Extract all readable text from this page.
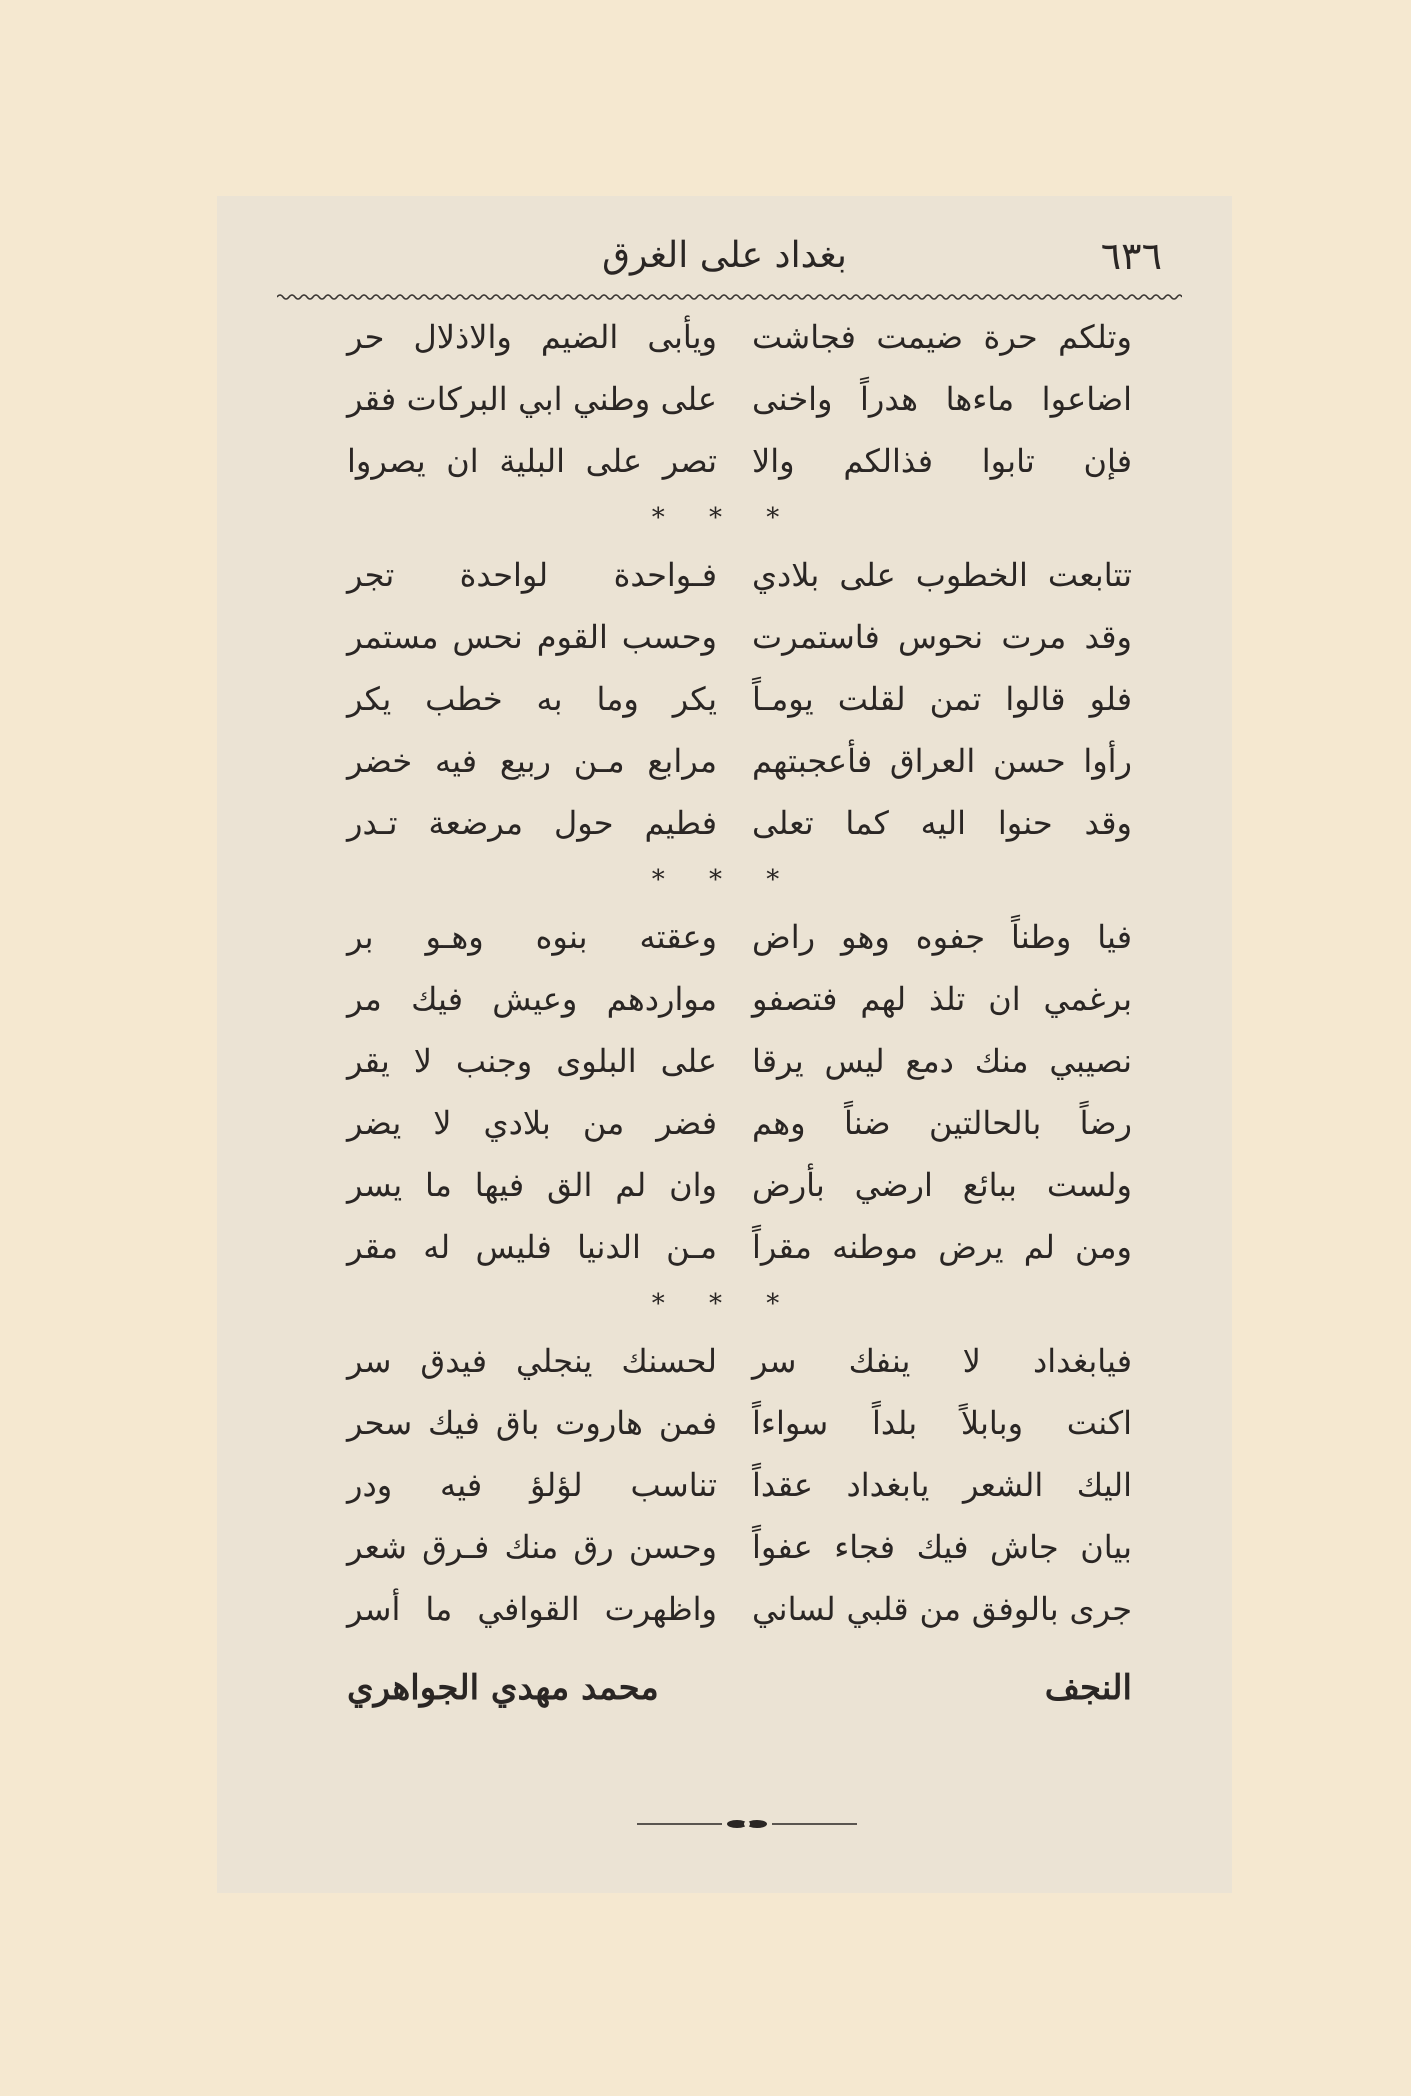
٦٣٦
بغداد على الغرق
وتلكم حرة ضيمت فجاشت
ويأبى الضيم والاذلال حر
اضاعوا ماءها هدراً واخنى
على وطني ابي البركات فقر
فإن تابوا فذالكم والا
تصر على البلية ان يصروا
* * *
تتابعت الخطوب على بلادي
فـواحدة لواحدة تجر
وقد مرت نحوس فاستمرت
وحسب القوم نحس مستمر
فلو قالوا تمن لقلت يومـاً
يكر وما به خطب يكر
رأوا حسن العراق فأعجبتهم
مرابع مـن ربيع فيه خضر
وقد حنوا اليه كما تعلى
فطيم حول مرضعة تـدر
* * *
فيا وطناً جفوه وهو راض
وعقته بنوه وهـو بر
برغمي ان تلذ لهم فتصفو
مواردهم وعيش فيك مر
نصيبي منك دمع ليس يرقا
على البلوى وجنب لا يقر
رضاً بالحالتين ضناً وهم
فضر من بلادي لا يضر
ولست ببائع ارضي بأرض
وان لم الق فيها ما يسر
ومن لم يرض موطنه مقراً
مـن الدنيا فليس له مقر
* * *
فيابغداد لا ينفك سر
لحسنك ينجلي فيدق سر
اكنت وبابلاً بلداً سواءاً
فمن هاروت باق فيك سحر
اليك الشعر يابغداد عقداً
تناسب لؤلؤ فيه ودر
بيان جاش فيك فجاء عفواً
وحسن رق منك فـرق شعر
جرى بالوفق من قلبي لساني
واظهرت القوافي ما أسر
النجف
محمد مهدي الجواهري
